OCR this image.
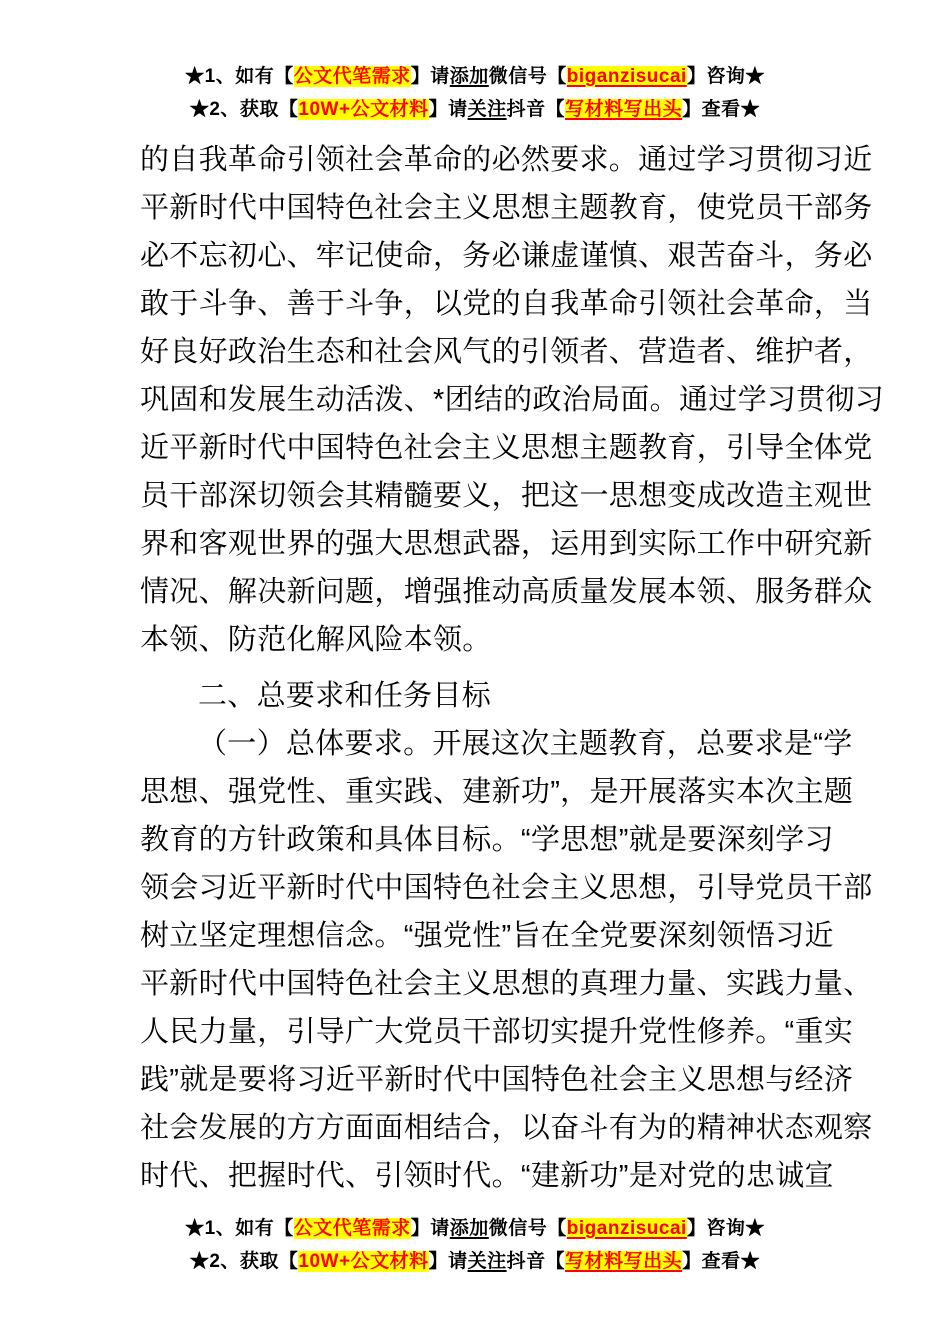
★1、如有【公文代笔需求】请添加微信号【biganzisucai】咨询★
★2、获取【10W+公文材料】请关注抖音【写材料写出头】查看★
的自我革命引领社会革命的必然要求。通过学习贯彻习近
平新时代中国特色社会主义思想主题教育，使党员干部务
必不忘初心、牢记使命，务必谦虚谨慎、艰苦奋斗，务必
敢于斗争、善于斗争，以党的自我革命引领社会革命，当
好良好政治生态和社会风气的引领者、营造者、维护者，
巩固和发展生动活泼、*团结的政治局面。通过学习贯彻习
近平新时代中国特色社会主义思想主题教育，引导全体党
员干部深切领会其精髓要义，把这一思想变成改造主观世
界和客观世界的强大思想武器，运用到实际工作中研究新
情况、解决新问题，增强推动高质量发展本领、服务群众
本领、防范化解风险本领。
二、总要求和任务目标
（一）总体要求。开展这次主题教育，总要求是“学
思想、强党性、重实践、建新功”，是开展落实本次主题
教育的方针政策和具体目标。“学思想”就是要深刻学习
领会习近平新时代中国特色社会主义思想，引导党员干部
树立坚定理想信念。“强党性”旨在全党要深刻领悟习近
平新时代中国特色社会主义思想的真理力量、实践力量、
人民力量，引导广大党员干部切实提升党性修养。“重实
践”就是要将习近平新时代中国特色社会主义思想与经济
社会发展的方方面面相结合，以奋斗有为的精神状态观察
时代、把握时代、引领时代。“建新功”是对党的忠诚宣
★1、如有【公文代笔需求】请添加微信号【biganzisucai】咨询★
★2、获取【10W+公文材料】请关注抖音【写材料写出头】查看★
